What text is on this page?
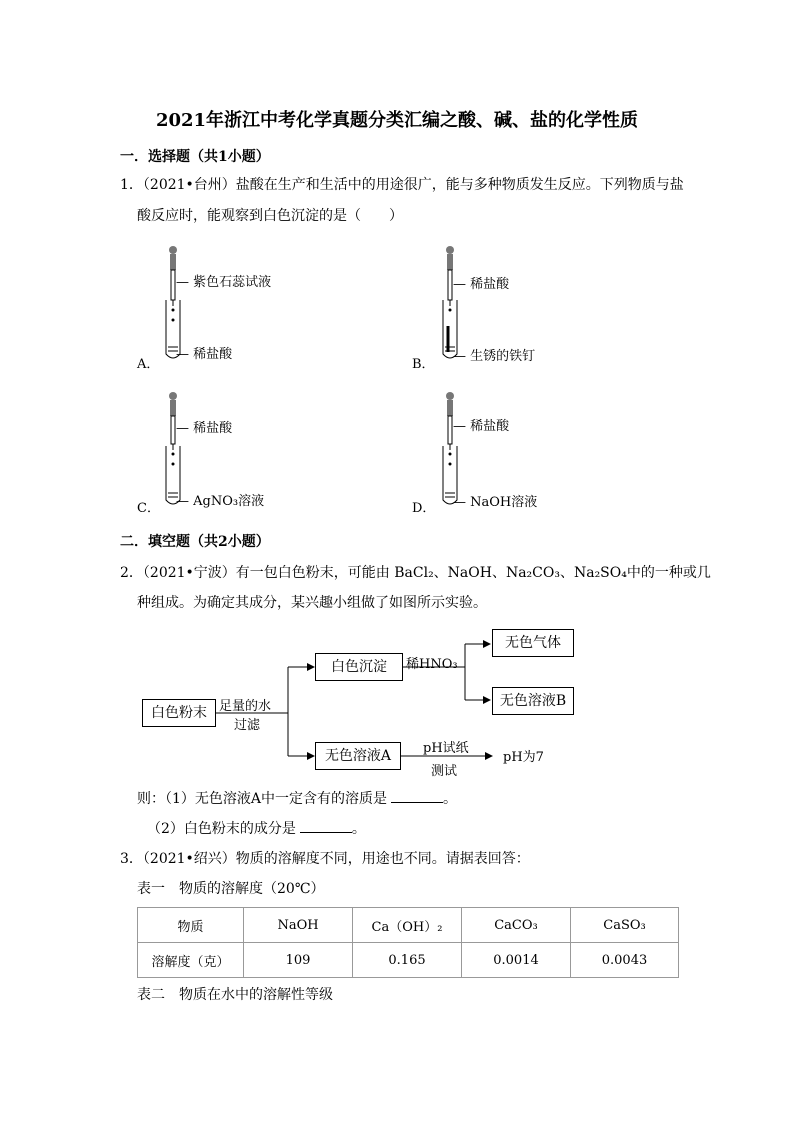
2021年浙江中考化学真题分类汇编之酸、碱、盐的化学性质
一．选择题（共1小题）
1．（2021•台州）盐酸在生产和生活中的用途很广，能与多种物质发生反应。下列物质与盐
酸反应时，能观察到白色沉淀的是（　　）
— 紫色石蕊试液
— 稀盐酸
A．
— 稀盐酸
— 生锈的铁钉
B．
— 稀盐酸
— AgNO₃溶液
C．
— 稀盐酸
— NaOH溶液
D．
二．填空题（共2小题）
2．（2021•宁波）有一包白色粉末，可能由 BaCl₂、NaOH、Na₂CO₃、Na₂SO₄中的一种或几
种组成。为确定其成分，某兴趣小组做了如图所示实验。
白色粉末 足量的水
过滤
白色沉淀	稀HNO₃
无色气体
无色溶液B
无色溶液A	pH试纸
测试
pH为7
则：（1）无色溶液A中一定含有的溶质是	。
（2）白色粉末的成分是	。
3．（2021•绍兴）物质的溶解度不同，用途也不同。请据表回答：
表一　物质的溶解度（20℃）
物质	NaOH	Ca（OH）₂	CaCO₃	CaSO₃
溶解度（克）	109	0.165	0.0014	0.0043
表二　物质在水中的溶解性等级
